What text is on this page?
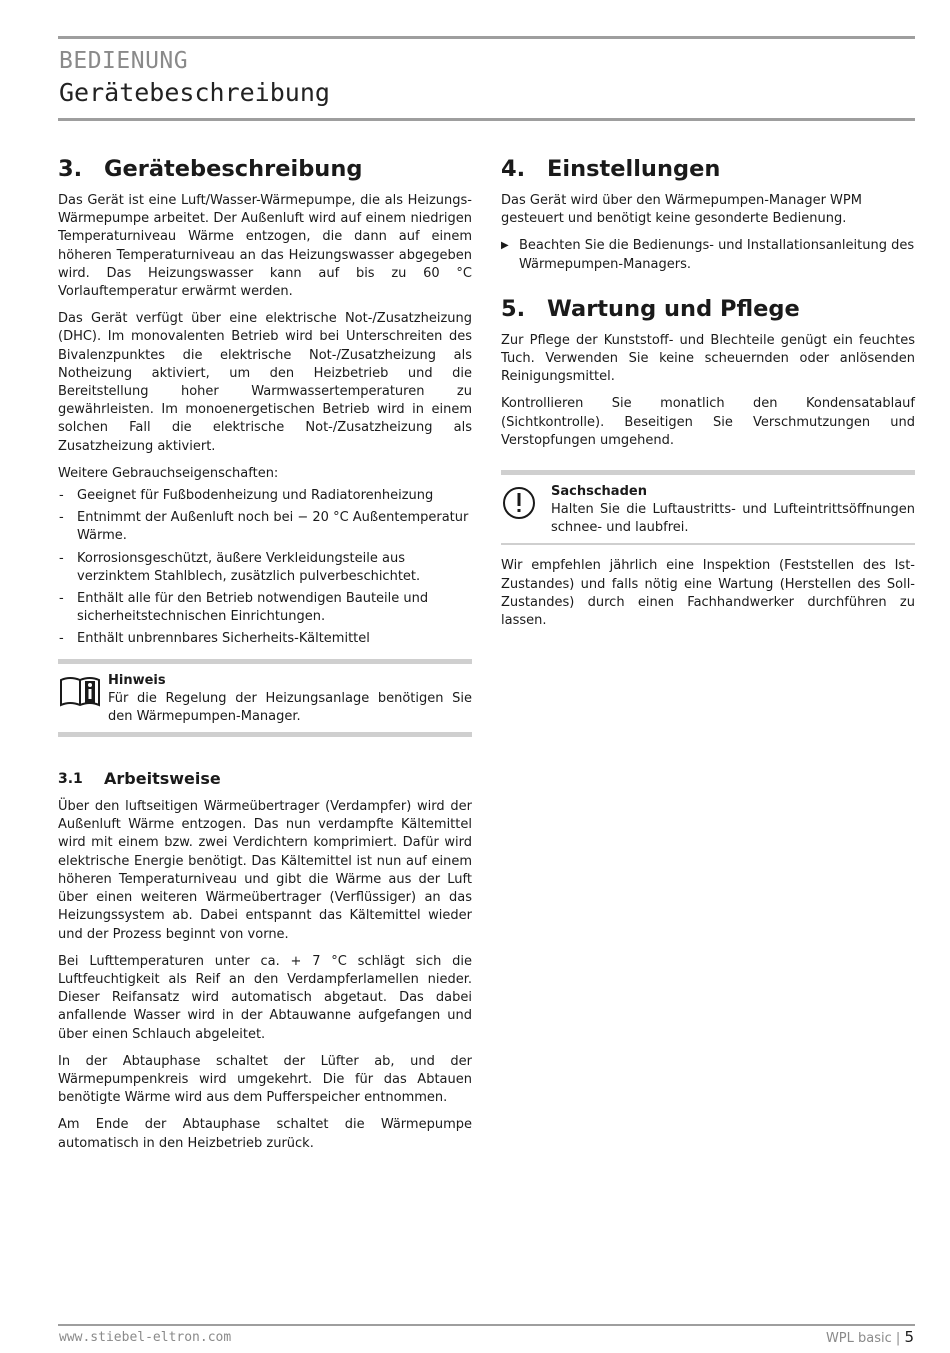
BEDIENUNG
Gerätebeschreibung
3. Gerätebeschreibung

Das Gerät ist eine Luft/Wasser-Wärmepumpe, die als Heizungs-Wärmepumpe arbeitet. Der Außenluft wird auf einem niedrigen Temperaturniveau Wärme entzogen, die dann auf einem höheren Temperaturniveau an das Heizungswasser abgegeben wird. Das Heizungswasser kann auf bis zu 60 °C Vorlauftemperatur erwärmt werden.

Das Gerät verfügt über eine elektrische Not-/Zusatzheizung (DHC). Im monovalenten Betrieb wird bei Unterschreiten des Bivalenzpunktes die elektrische Not-/Zusatzheizung als Notheizung aktiviert, um den Heizbetrieb und die Bereitstellung hoher Warmwassertemperaturen zu gewährleisten. Im monoenergetischen Betrieb wird in einem solchen Fall die elektrische Not-/Zusatzheizung als Zusatzheizung aktiviert.

Weitere Gebrauchseigenschaften:

- Geeignet für Fußbodenheizung und Radiatorenheizung
- Entnimmt der Außenluft noch bei − 20 °C Außentemperatur Wärme.
- Korrosionsgeschützt, äußere Verkleidungsteile aus verzinktem Stahlblech, zusätzlich pulverbeschichtet.
- Enthält alle für den Betrieb notwendigen Bauteile und sicherheitstechnischen Einrichtungen.
- Enthält unbrennbares Sicherheits-Kältemittel
Hinweis
Für die Regelung der Heizungsanlage benötigen Sie den Wärmepumpen-Manager.
3.1	Arbeitsweise

Über den luftseitigen Wärmeübertrager (Verdampfer) wird der Außenluft Wärme entzogen. Das nun verdampfte Kältemittel wird mit einem bzw. zwei Verdichtern komprimiert. Dafür wird elektrische Energie benötigt. Das Kältemittel ist nun auf einem höheren Temperaturniveau und gibt die Wärme aus der Luft über einen weiteren Wärmeübertrager (Verflüssiger) an das Heizungssystem ab. Dabei entspannt das Kältemittel wieder und der Prozess beginnt von vorne.

Bei Lufttemperaturen unter ca. + 7 °C schlägt sich die Luftfeuchtigkeit als Reif an den Verdampferlamellen nieder. Dieser Reifansatz wird automatisch abgetaut. Das dabei anfallende Wasser wird in der Abtauwanne aufgefangen und über einen Schlauch abgeleitet.

In der Abtauphase schaltet der Lüfter ab, und der Wärmepumpenkreis wird umgekehrt. Die für das Abtauen benötigte Wärme wird aus dem Pufferspeicher entnommen.

Am Ende der Abtauphase schaltet die Wärmepumpe automatisch in den Heizbetrieb zurück.

4. Einstellungen

Das Gerät wird über den Wärmepumpen-Manager WPM gesteuert und benötigt keine gesonderte Bedienung.

▶ Beachten Sie die Bedienungs- und Installationsanleitung des Wärmepumpen-Managers.
5. Wartung und Pflege

Zur Pflege der Kunststoff- und Blechteile genügt ein feuchtes Tuch. Verwenden Sie keine scheuernden oder anlösenden Reinigungsmittel.

Kontrollieren Sie monatlich den Kondensatablauf (Sichtkontrolle). Beseitigen Sie Verschmutzungen und Verstopfungen umgehend.

Sachschaden
Halten Sie die Luftaustritts- und Lufteintrittsöffnungen schnee- und laubfrei.

Wir empfehlen jährlich eine Inspektion (Feststellen des Ist-Zustandes) und falls nötig eine Wartung (Herstellen des Soll-Zustandes) durch einen Fachhandwerker durchführen zu lassen.

www.stiebel-eltron.com	WPL basic | 5
